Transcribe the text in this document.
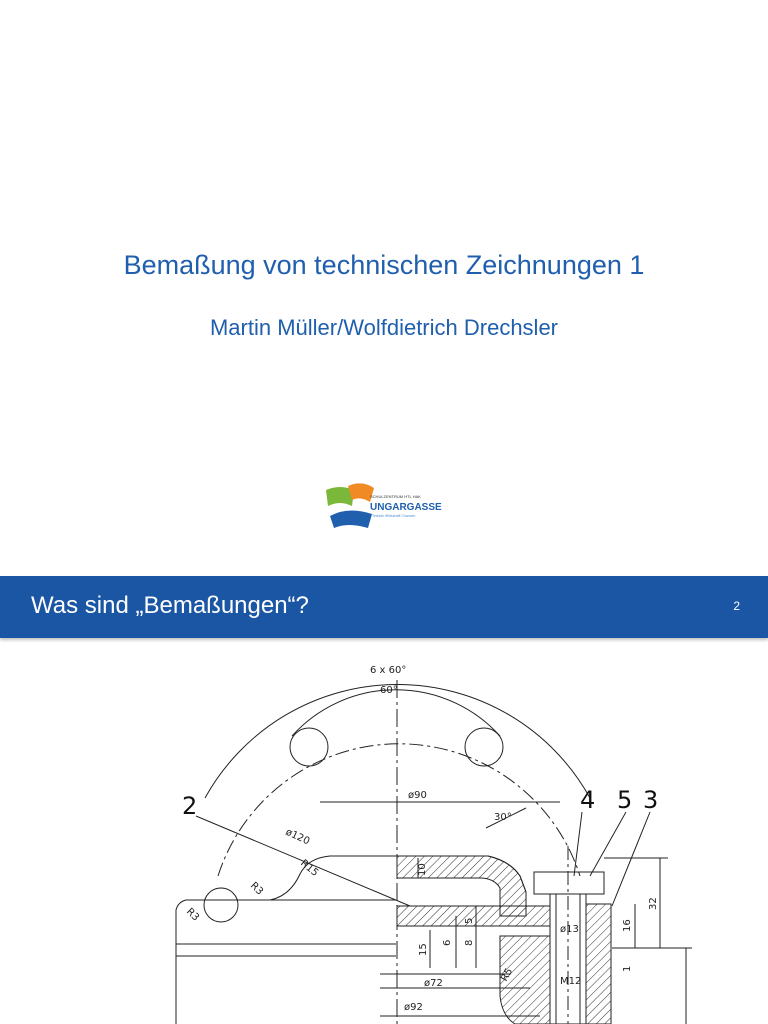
Bemaßung von technischen Zeichnungen 1
Martin Müller/Wolfdietrich Drechsler
SCHULZENTRUM HTL HAK
UNGARGASSE
Technik Wirtschaft Chancen
Was sind „Bemaßungen“?	2
6 x 60°
60°
ø90
30°
ø120
R15
R3
R3
ø13
M12
ø72
ø92
R5
10
5
6 8
15
16
32
1
2	4 5 3
